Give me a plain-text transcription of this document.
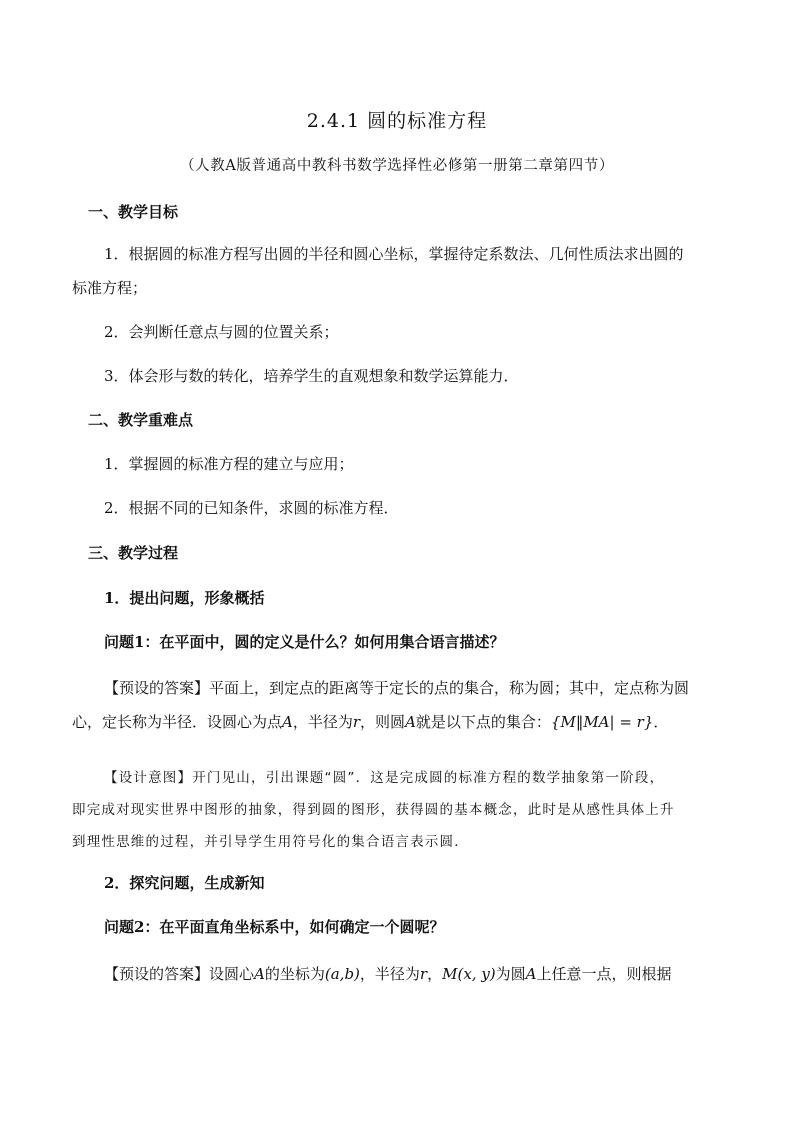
2.4.1 圆的标准方程
（人教A版普通高中教科书数学选择性必修第一册第二章第四节）
一、教学目标
1．根据圆的标准方程写出圆的半径和圆心坐标，掌握待定系数法、几何性质法求出圆的
标准方程；
2．会判断任意点与圆的位置关系；
3．体会形与数的转化，培养学生的直观想象和数学运算能力．
二、教学重难点
1．掌握圆的标准方程的建立与应用；
2．根据不同的已知条件，求圆的标准方程．
三、教学过程
1．提出问题，形象概括
问题1：在平面中，圆的定义是什么？如何用集合语言描述？
【预设的答案】平面上，到定点的距离等于定长的点的集合，称为圆；其中，定点称为圆
心，定长称为半径．设圆心为点A，半径为r，则圆A就是以下点的集合：{M‖MA| = r}．
【设计意图】开门见山，引出课题“圆”．这是完成圆的标准方程的数学抽象第一阶段，
即完成对现实世界中图形的抽象，得到圆的图形，获得圆的基本概念，此时是从感性具体上升
到理性思维的过程，并引导学生用符号化的集合语言表示圆．
2．探究问题，生成新知
问题2：在平面直角坐标系中，如何确定一个圆呢？
【预设的答案】设圆心A的坐标为(a,b)，半径为r，M(x, y)为圆A上任意一点，则根据
